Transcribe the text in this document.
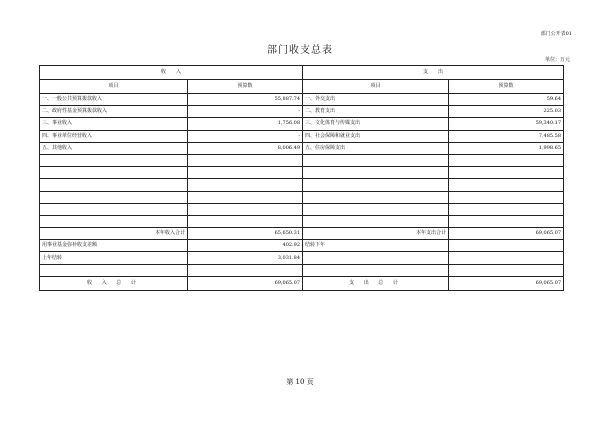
部门公开表01
部门收支总表
单位：万元
收　　入		支　　出	
项目	预算数	项目	预算数
一、一般公共预算拨款收入	55,887.74	一、外交支出	59.64
二、政府性基金预算拨款收入	-	二、教育支出	225.03
三、事业收入	1,756.08	三、文化体育与传媒支出	59,340.17
四、事业单位经营收入	-	四、社会保障和就业支出	7,485.58
五、其他收入	8,006.49	五、住房保障支出	1,998.65

本年收入合计	65,650.31	本年支出合计	69,065.07
用事业基金弥补收支差额	402.92	结转下年	
上年结转	3,031.84		

收 入 总 计	69,065.07	支 出 总 计	69,065.07
第 10 页
